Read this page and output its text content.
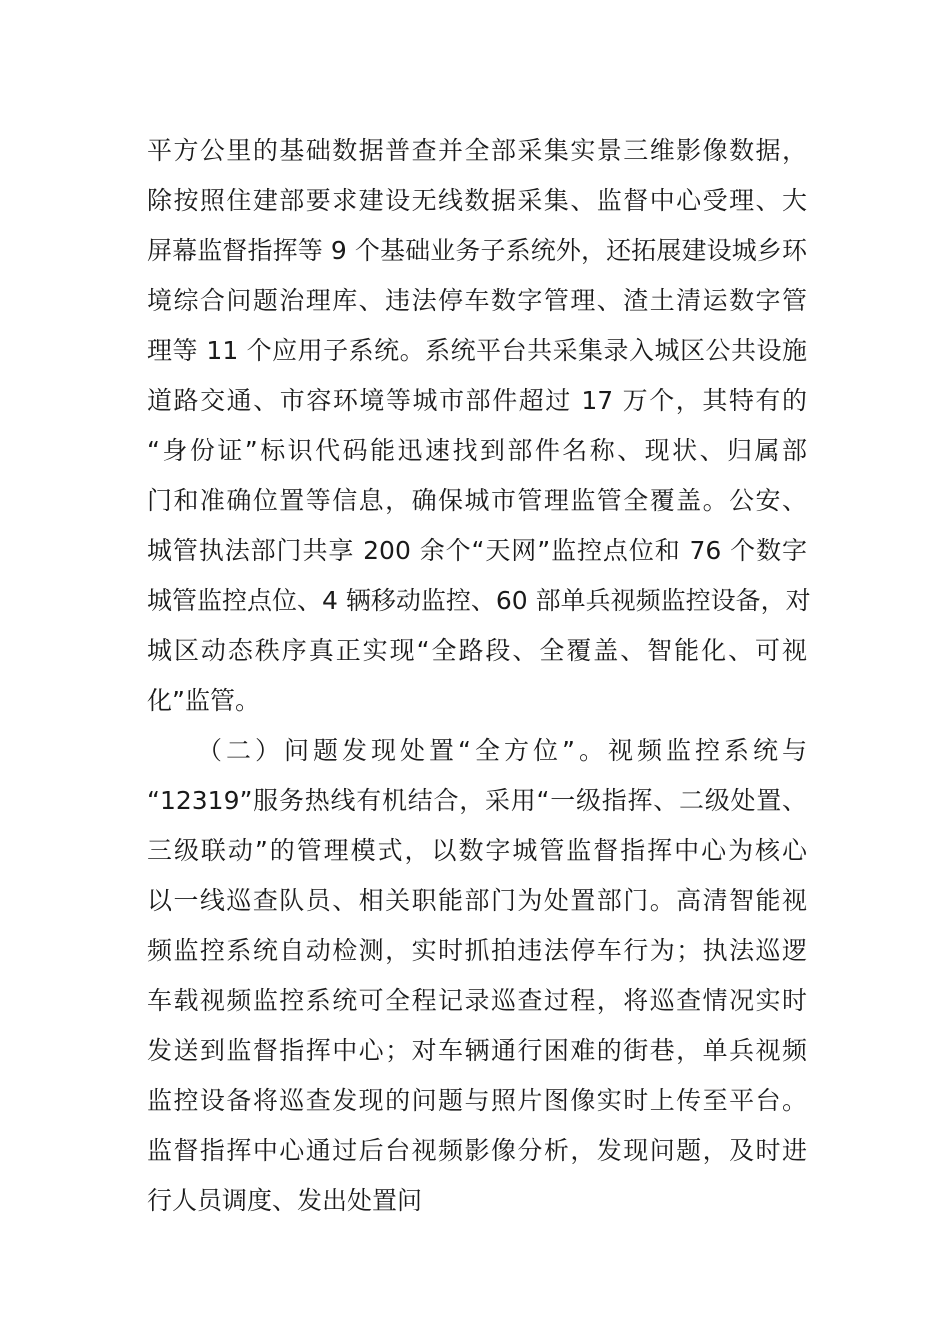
平方公里的基础数据普查并全部采集实景三维影像数据，
除按照住建部要求建设无线数据采集、监督中心受理、大
屏幕监督指挥等 9 个基础业务子系统外，还拓展建设城乡环
境综合问题治理库、违法停车数字管理、渣土清运数字管
理等 11 个应用子系统。系统平台共采集录入城区公共设施
道路交通、市容环境等城市部件超过 17 万个，其特有的
“身份证”标识代码能迅速找到部件名称、现状、归属部
门和准确位置等信息，确保城市管理监管全覆盖。公安、
城管执法部门共享 200 余个“天网”监控点位和 76 个数字
城管监控点位、4 辆移动监控、60 部单兵视频监控设备，对
城区动态秩序真正实现“全路段、全覆盖、智能化、可视
化”监管。
（二）问题发现处置“全方位”。视频监控系统与
“12319”服务热线有机结合，采用“一级指挥、二级处置、
三级联动”的管理模式，以数字城管监督指挥中心为核心
以一线巡查队员、相关职能部门为处置部门。高清智能视
频监控系统自动检测，实时抓拍违法停车行为；执法巡逻
车载视频监控系统可全程记录巡查过程，将巡查情况实时
发送到监督指挥中心；对车辆通行困难的街巷，单兵视频
监控设备将巡查发现的问题与照片图像实时上传至平台。
监督指挥中心通过后台视频影像分析，发现问题，及时进
行人员调度、发出处置问
